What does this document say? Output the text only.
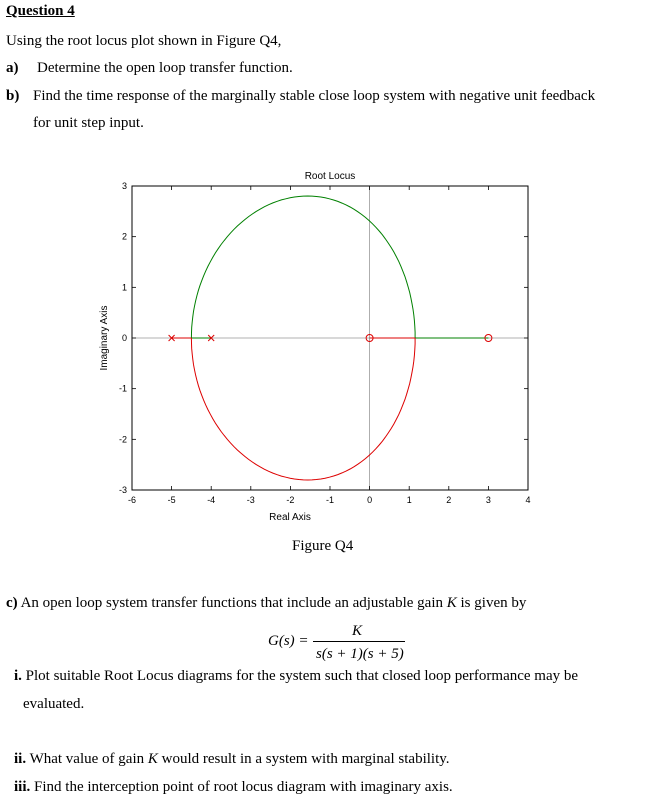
Question 4
Using the root locus plot shown in Figure Q4,
a) Determine the open loop transfer function.
b) Find the time response of the marginally stable close loop system with negative unit feedback
for unit step input.
-6	-5	-4	-3	-2	-1	0	1	2	3	4
3
2
1
0
-1
-2
-3
Root Locus
Real Axis
Imaginary Axis
Figure Q4
c) An open loop system transfer functions that include an adjustable gain K is given by
G(s) =
K
s(s + 1)(s + 5)
i. Plot suitable Root Locus diagrams for the system such that closed loop performance may be
evaluated.
ii. What value of gain K would result in a system with marginal stability.
iii. Find the interception point of root locus diagram with imaginary axis.
